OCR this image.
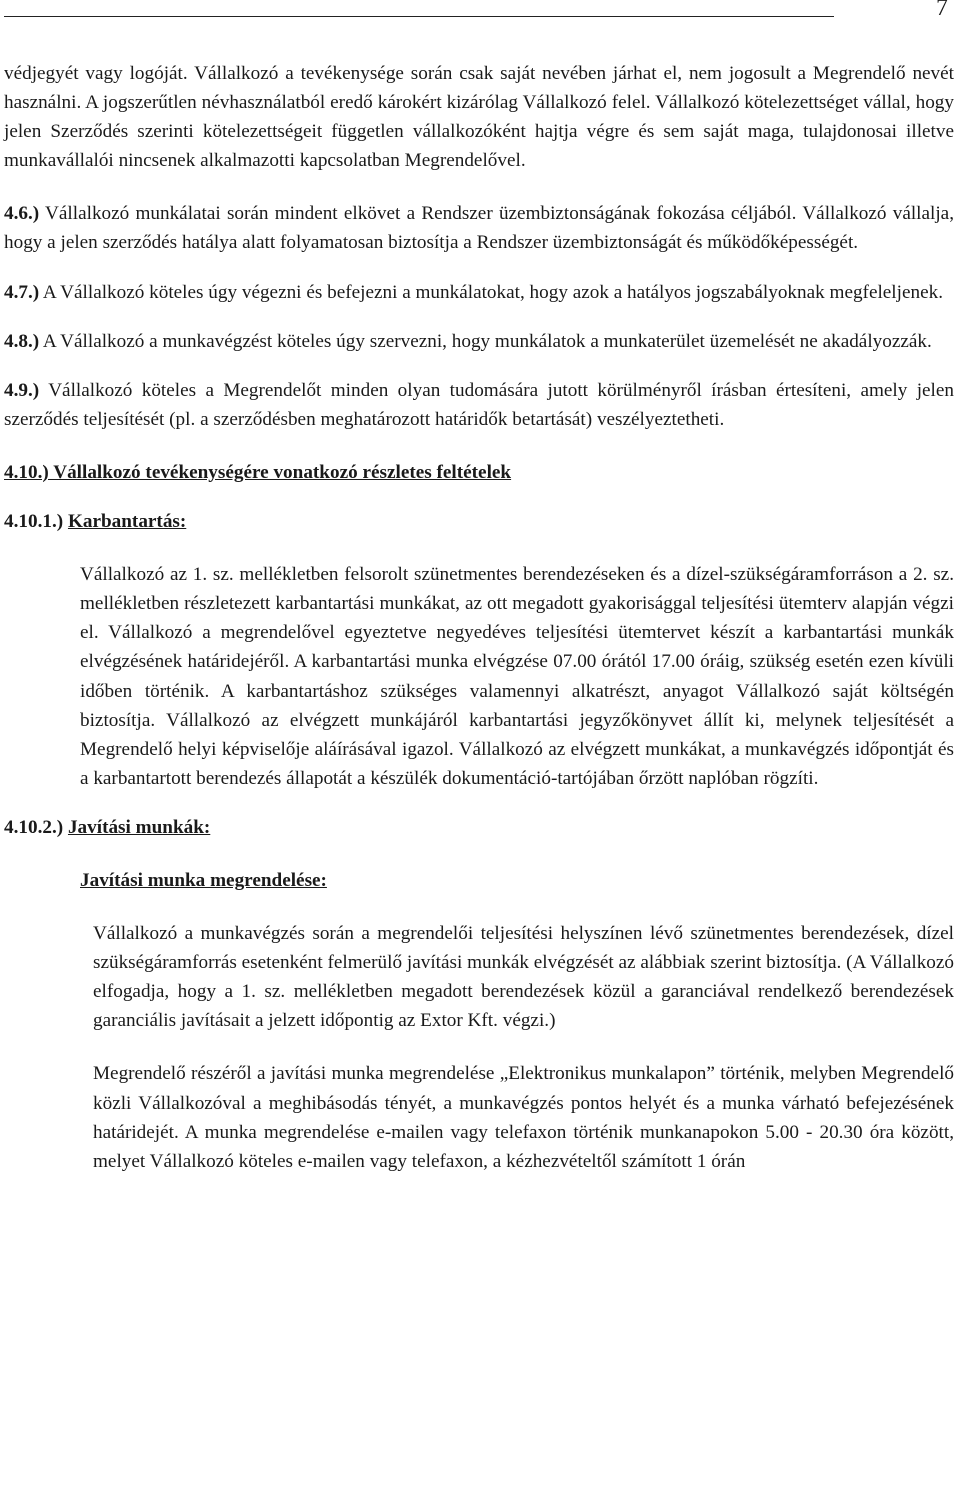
7

védjegyét vagy logóját. Vállalkozó a tevékenysége során csak saját nevében járhat el, nem jogosult a Megrendelő nevét használni. A jogszerűtlen névhasználatból eredő károkért kizárólag Vállalkozó felel. Vállalkozó kötelezettséget vállal, hogy jelen Szerződés szerinti kötelezettségeit független vállalkozóként hajtja végre és sem saját maga, tulajdonosai illetve munkavállalói nincsenek alkalmazotti kapcsolatban Megrendelővel.

4.6.) Vállalkozó munkálatai során mindent elkövet a Rendszer üzembiztonságának fokozása céljából. Vállalkozó vállalja, hogy a jelen szerződés hatálya alatt folyamatosan biztosítja a Rendszer üzembiztonságát és működőképességét.

4.7.) A Vállalkozó köteles úgy végezni és befejezni a munkálatokat, hogy azok a hatályos jogszabályoknak megfeleljenek.

4.8.) A Vállalkozó a munkavégzést köteles úgy szervezni, hogy munkálatok a munkaterület üzemelését ne akadályozzák.

4.9.) Vállalkozó köteles a Megrendelőt minden olyan tudomására jutott körülményről írásban értesíteni, amely jelen szerződés teljesítését (pl. a szerződésben meghatározott határidők betartását) veszélyeztetheti.

4.10.) Vállalkozó tevékenységére vonatkozó részletes feltételek

4.10.1.) Karbantartás:

Vállalkozó az 1. sz. mellékletben felsorolt szünetmentes berendezéseken és a dízel-szükségáramforráson a 2. sz. mellékletben részletezett karbantartási munkákat, az ott megadott gyakorisággal teljesítési ütemterv alapján végzi el. Vállalkozó a megrendelővel egyeztetve negyedéves teljesítési ütemtervet készít a karbantartási munkák elvégzésének határidejéről. A karbantartási munka elvégzése 07.00 órától 17.00 óráig, szükség esetén ezen kívüli időben történik. A karbantartáshoz szükséges valamennyi alkatrészt, anyagot Vállalkozó saját költségén biztosítja. Vállalkozó az elvégzett munkájáról karbantartási jegyzőkönyvet állít ki, melynek teljesítését a Megrendelő helyi képviselője aláírásával igazol. Vállalkozó az elvégzett munkákat, a munkavégzés időpontját és a karbantartott berendezés állapotát a készülék dokumentáció-tartójában őrzött naplóban rögzíti.

4.10.2.) Javítási munkák:

Javítási munka megrendelése:

Vállalkozó a munkavégzés során a megrendelői teljesítési helyszínen lévő szünetmentes berendezések, dízel szükségáramforrás esetenként felmerülő javítási munkák elvégzését az alábbiak szerint biztosítja. (A Vállalkozó elfogadja, hogy a 1. sz. mellékletben megadott berendezések közül a garanciával rendelkező berendezések garanciális javításait a jelzett időpontig az Extor Kft. végzi.)

Megrendelő részéről a javítási munka megrendelése „Elektronikus munkalapon” történik, melyben Megrendelő közli Vállalkozóval a meghibásodás tényét, a munkavégzés pontos helyét és a munka várható befejezésének határidejét. A munka megrendelése e-mailen vagy telefaxon történik munkanapokon 5.00 - 20.30 óra között, melyet Vállalkozó köteles e-mailen vagy telefaxon, a kézhezvételtől számított 1 órán
